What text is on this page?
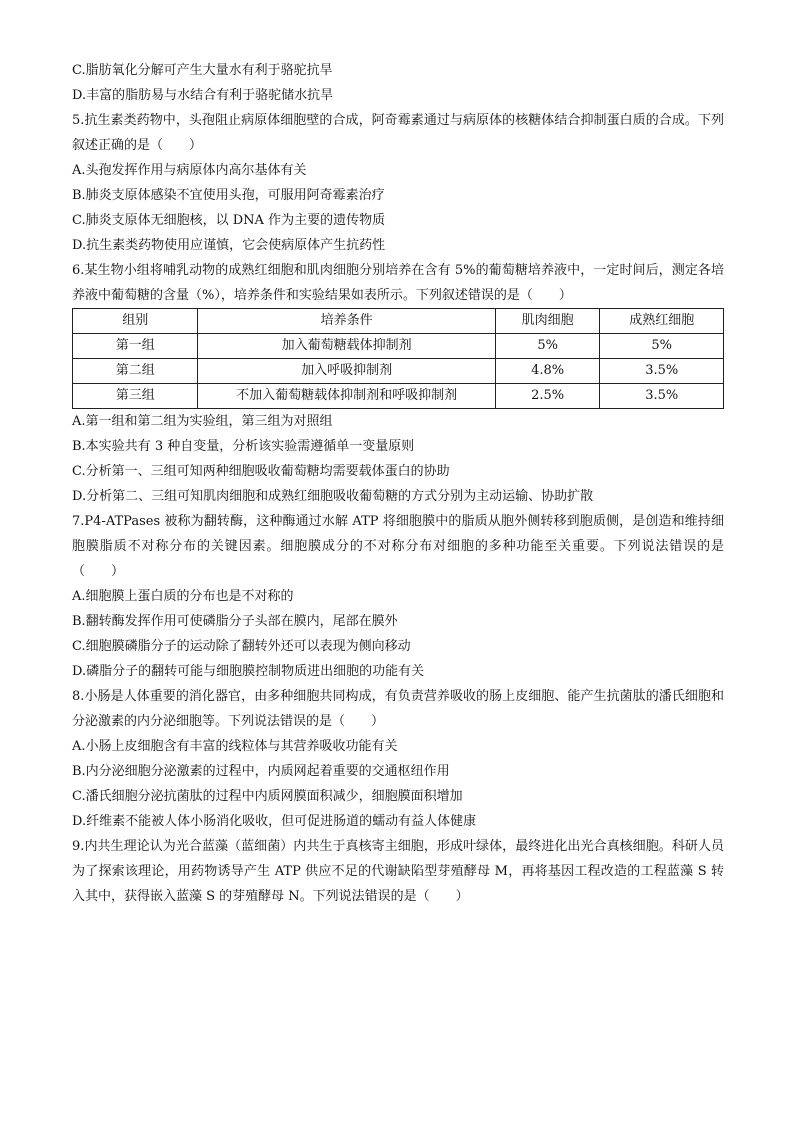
C.脂肪氧化分解可产生大量水有利于骆驼抗旱
D.丰富的脂肪易与水结合有利于骆驼储水抗旱
5.抗生素类药物中，头孢阻止病原体细胞壁的合成，阿奇霉素通过与病原体的核糖体结合抑制蛋白质的合成。下列叙述正确的是（　　）
A.头孢发挥作用与病原体内高尔基体有关
B.肺炎支原体感染不宜使用头孢，可服用阿奇霉素治疗
C.肺炎支原体无细胞核，以 DNA 作为主要的遗传物质
D.抗生素类药物使用应谨慎，它会使病原体产生抗药性
6.某生物小组将哺乳动物的成熟红细胞和肌肉细胞分别培养在含有 5%的葡萄糖培养液中，一定时间后，测定各培养液中葡萄糖的含量（%），培养条件和实验结果如表所示。下列叙述错误的是（　　）
组别	培养条件	肌肉细胞	成熟红细胞
第一组	加入葡萄糖载体抑制剂	5%	5%
第二组	加入呼吸抑制剂	4.8%	3.5%
第三组	不加入葡萄糖载体抑制剂和呼吸抑制剂	2.5%	3.5%
A.第一组和第二组为实验组，第三组为对照组
B.本实验共有 3 种自变量，分析该实验需遵循单一变量原则
C.分析第一、三组可知两种细胞吸收葡萄糖均需要载体蛋白的协助
D.分析第二、三组可知肌肉细胞和成熟红细胞吸收葡萄糖的方式分别为主动运输、协助扩散
7.P4-ATPases 被称为翻转酶，这种酶通过水解 ATP 将细胞膜中的脂质从胞外侧转移到胞质侧，是创造和维持细胞膜脂质不对称分布的关键因素。细胞膜成分的不对称分布对细胞的多种功能至关重要。下列说法错误的是（　　）
A.细胞膜上蛋白质的分布也是不对称的
B.翻转酶发挥作用可使磷脂分子头部在膜内，尾部在膜外
C.细胞膜磷脂分子的运动除了翻转外还可以表现为侧向移动
D.磷脂分子的翻转可能与细胞膜控制物质进出细胞的功能有关
8.小肠是人体重要的消化器官，由多种细胞共同构成，有负责营养吸收的肠上皮细胞、能产生抗菌肽的潘氏细胞和分泌激素的内分泌细胞等。下列说法错误的是（　　）
A.小肠上皮细胞含有丰富的线粒体与其营养吸收功能有关
B.内分泌细胞分泌激素的过程中，内质网起着重要的交通枢纽作用
C.潘氏细胞分泌抗菌肽的过程中内质网膜面积减少，细胞膜面积增加
D.纤维素不能被人体小肠消化吸收，但可促进肠道的蠕动有益人体健康
9.内共生理论认为光合蓝藻（蓝细菌）内共生于真核寄主细胞，形成叶绿体，最终进化出光合真核细胞。科研人员为了探索该理论，用药物诱导产生 ATP 供应不足的代谢缺陷型芽殖酵母 M，再将基因工程改造的工程蓝藻 S 转入其中，获得嵌入蓝藻 S 的芽殖酵母 N。下列说法错误的是（　　）
